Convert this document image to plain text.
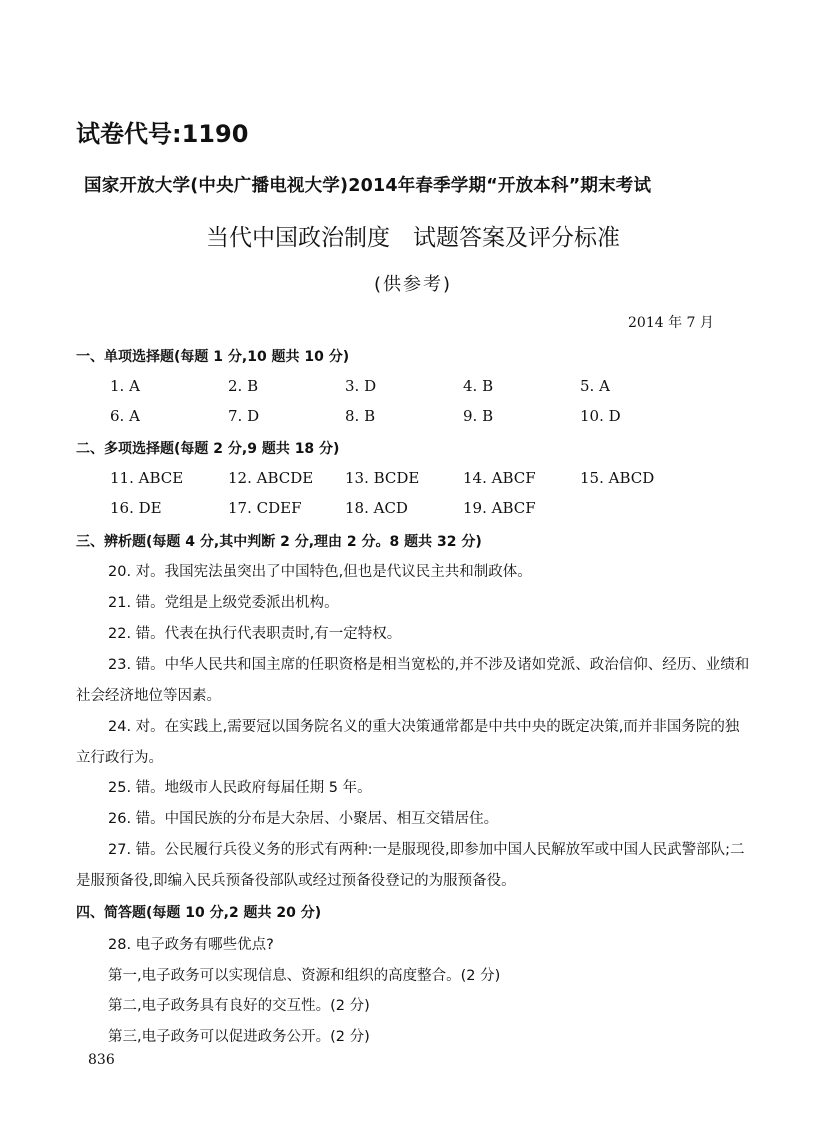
试卷代号:1190
国家开放大学(中央广播电视大学)2014年春季学期“开放本科”期末考试
当代中国政治制度　试题答案及评分标准
(供参考)
2014 年 7 月
一、单项选择题(每题 1 分,10 题共 10 分)
1. A	2. B	3. D	4. B	5. A
6. A	7. D	8. B	9. B	10. D
二、多项选择题(每题 2 分,9 题共 18 分)
11. ABCE	12. ABCDE 13. BCDE	14. ABCF	15. ABCD
16. DE	17. CDEF	18. ACD	19. ABCF
三、辨析题(每题 4 分,其中判断 2 分,理由 2 分。8 题共 32 分)
20. 对。我国宪法虽突出了中国特色,但也是代议民主共和制政体。
21. 错。党组是上级党委派出机构。
22. 错。代表在执行代表职责时,有一定特权。
23. 错。中华人民共和国主席的任职资格是相当宽松的,并不涉及诸如党派、政治信仰、经历、业绩和社会经济地位等因素。
24. 对。在实践上,需要冠以国务院名义的重大决策通常都是中共中央的既定决策,而并非国务院的独立行政行为。
25. 错。地级市人民政府每届任期 5 年。
26. 错。中国民族的分布是大杂居、小聚居、相互交错居住。
27. 错。公民履行兵役义务的形式有两种:一是服现役,即参加中国人民解放军或中国人民武警部队;二是服预备役,即编入民兵预备役部队或经过预备役登记的为服预备役。
四、简答题(每题 10 分,2 题共 20 分)
28. 电子政务有哪些优点?
第一,电子政务可以实现信息、资源和组织的高度整合。(2 分)
第二,电子政务具有良好的交互性。(2 分)
第三,电子政务可以促进政务公开。(2 分)
836
